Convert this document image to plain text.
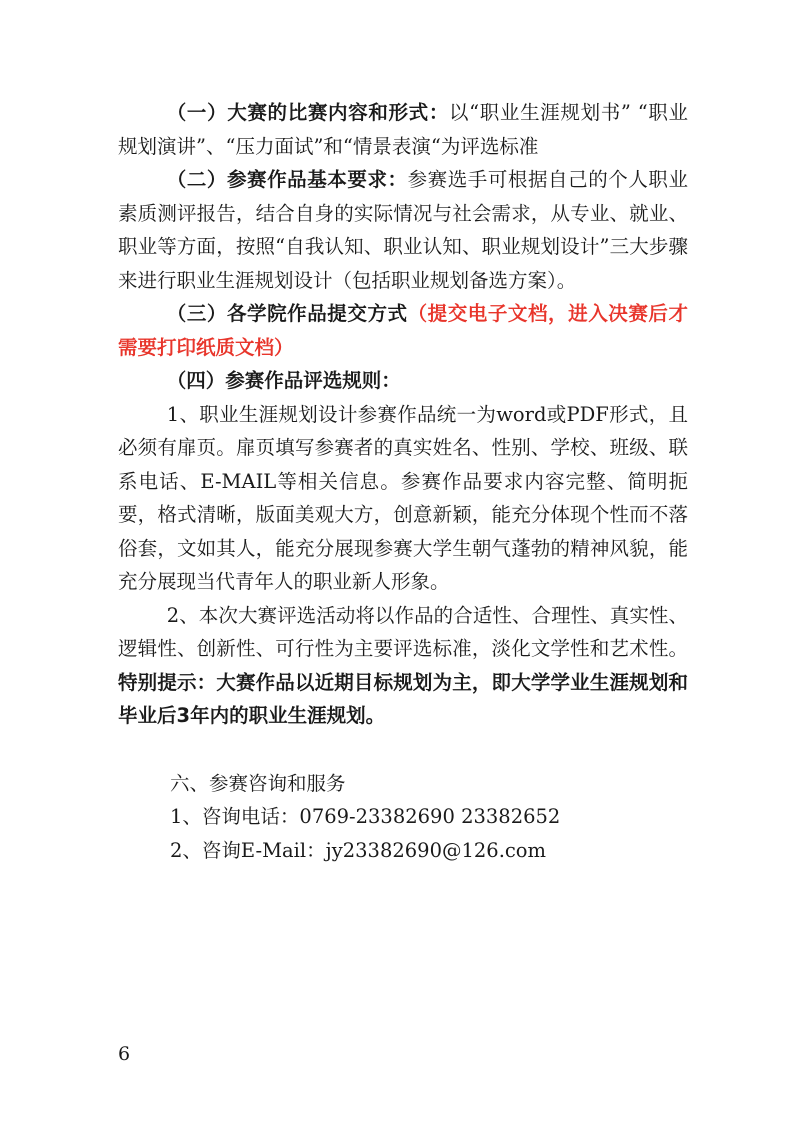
（一）大赛的比赛内容和形式：以“职业生涯规划书” “职业规划演讲”、“压力面试”和“情景表演“为评选标准

（二）参赛作品基本要求：参赛选手可根据自己的个人职业素质测评报告，结合自身的实际情况与社会需求，从专业、就业、职业等方面，按照“自我认知、职业认知、职业规划设计”三大步骤来进行职业生涯规划设计（包括职业规划备选方案）。

（三）各学院作品提交方式（提交电子文档，进入决赛后才需要打印纸质文档）

（四）参赛作品评选规则：

1、职业生涯规划设计参赛作品统一为word或PDF形式，且必须有扉页。扉页填写参赛者的真实姓名、性别、学校、班级、联系电话、E-MAIL等相关信息。参赛作品要求内容完整、简明扼要，格式清晰，版面美观大方，创意新颖，能充分体现个性而不落俗套，文如其人，能充分展现参赛大学生朝气蓬勃的精神风貌，能充分展现当代青年人的职业新人形象。

2、本次大赛评选活动将以作品的合适性、合理性、真实性、逻辑性、创新性、可行性为主要评选标准，淡化文学性和艺术性。特别提示：大赛作品以近期目标规划为主，即大学学业生涯规划和毕业后3年内的职业生涯规划。

六、参赛咨询和服务
1、咨询电话：0769-23382690 23382652
2、咨询E-Mail：jy23382690@126.com
6
